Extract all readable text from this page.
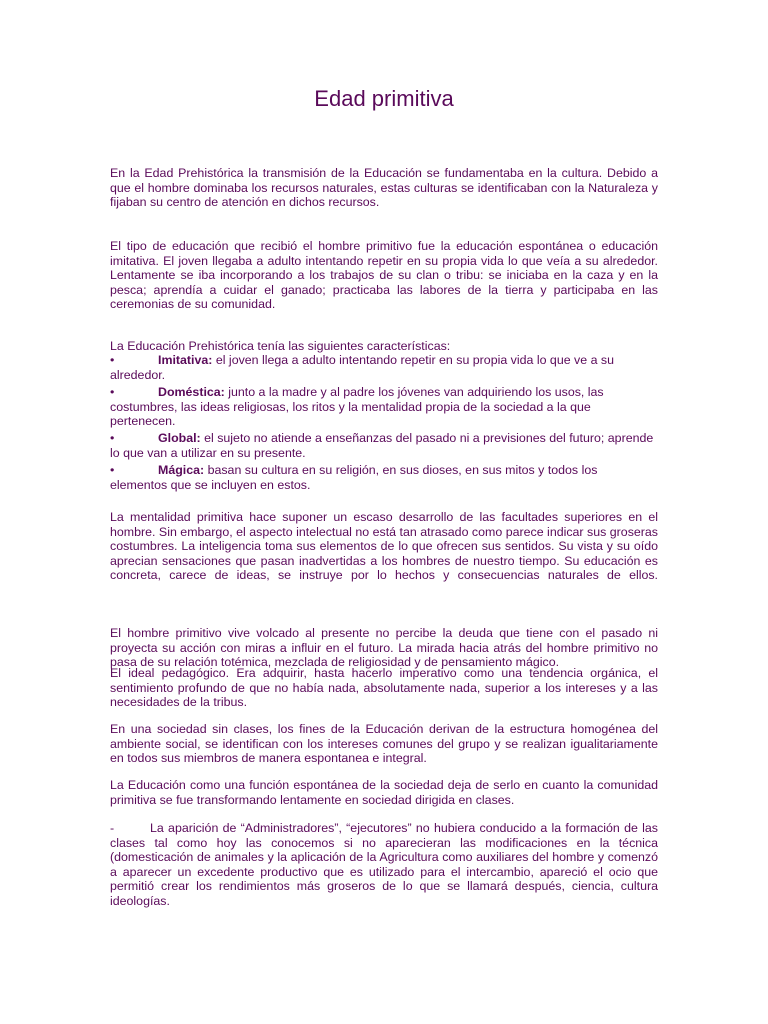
Edad primitiva

En la Edad Prehistórica la transmisión de la Educación se fundamentaba en la cultura. Debido a que el hombre dominaba los recursos naturales, estas culturas se identificaban con la Naturaleza y fijaban su centro de atención en dichos recursos.

El tipo de educación que recibió el hombre primitivo fue la educación espontánea o educación imitativa. El joven llegaba a adulto intentando repetir en su propia vida lo que veía a su alrededor. Lentamente se iba incorporando a los trabajos de su clan o tribu: se iniciaba en la caza y en la pesca; aprendía a cuidar el ganado; practicaba las labores de la tierra y participaba en las ceremonias de su comunidad.

La Educación Prehistórica tenía las siguientes características:

•	Imitativa: el joven llega a adulto intentando repetir en su propia vida lo que ve a su alrededor.

•	Doméstica: junto a la madre y al padre los jóvenes van adquiriendo los usos, las costumbres, las ideas religiosas, los ritos y la mentalidad propia de la sociedad a la que pertenecen.

•	Global: el sujeto no atiende a enseñanzas del pasado ni a previsiones del futuro; aprende lo que van a utilizar en su presente.

•	Mágica: basan su cultura en su religión, en sus dioses, en sus mitos y todos los elementos que se incluyen en estos.

La mentalidad primitiva hace suponer un escaso desarrollo de las facultades superiores en el hombre. Sin embargo, el aspecto intelectual no está tan atrasado como parece indicar sus groseras costumbres. La inteligencia toma sus elementos de lo que ofrecen sus sentidos. Su vista y su oído aprecian sensaciones que pasan inadvertidas a los hombres de nuestro tiempo. Su educación es concreta, carece de ideas, se instruye por lo hechos y consecuencias naturales de ellos.

El hombre primitivo vive volcado al presente no percibe la deuda que tiene con el pasado ni proyecta su acción con miras a influir en el futuro. La mirada hacia atrás del hombre primitivo no pasa de su relación totémica, mezclada de religiosidad y de pensamiento mágico.

El ideal pedagógico. Era adquirir, hasta hacerlo imperativo como una tendencia orgánica, el sentimiento profundo de que no había nada, absolutamente nada, superior a los intereses y a las necesidades de la tribus.

En una sociedad sin clases, los fines de la Educación derivan de la estructura homogénea del ambiente social, se identifican con los intereses comunes del grupo y se realizan igualitariamente en todos sus miembros de manera espontanea e integral.

La Educación como una función espontánea de la sociedad deja de serlo en cuanto la comunidad primitiva se fue transformando lentamente en sociedad dirigida en clases.

-	La aparición de “Administradores”, “ejecutores” no hubiera conducido a la formación de las clases tal como hoy las conocemos si no aparecieran las modificaciones en la técnica (domesticación de animales y la aplicación de la Agricultura como auxiliares del hombre y comenzó a aparecer un excedente productivo que es utilizado para el intercambio, apareció el ocio que permitió crear los rendimientos más groseros de lo que se llamará después, ciencia, cultura ideologías.
